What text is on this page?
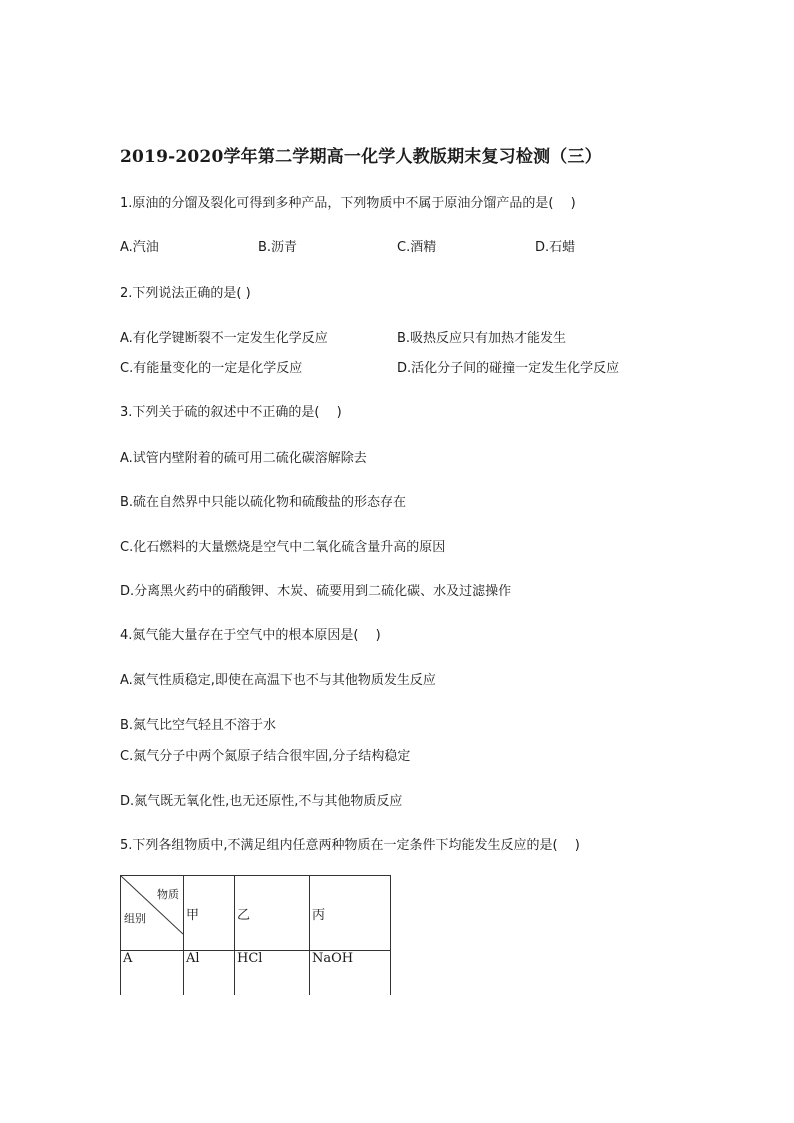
2019-2020学年第二学期高一化学人教版期末复习检测（三）
1.原油的分馏及裂化可得到多种产品，下列物质中不属于原油分馏产品的是(　 )
A.汽油	B.沥青	C.酒精	D.石蜡
2.下列说法正确的是( )
A.有化学键断裂不一定发生化学反应	B.吸热反应只有加热才能发生
C.有能量变化的一定是化学反应	D.活化分子间的碰撞一定发生化学反应
3.下列关于硫的叙述中不正确的是(　 )
A.试管内壁附着的硫可用二硫化碳溶解除去
B.硫在自然界中只能以硫化物和硫酸盐的形态存在
C.化石燃料的大量燃烧是空气中二氧化硫含量升高的原因
D.分离黑火药中的硝酸钾、木炭、硫要用到二硫化碳、水及过滤操作
4.氮气能大量存在于空气中的根本原因是(　 )
A.氮气性质稳定,即使在高温下也不与其他物质发生反应
B.氮气比空气轻且不溶于水
C.氮气分子中两个氮原子结合很牢固,分子结构稳定
D.氮气既无氧化性,也无还原性,不与其他物质反应
5.下列各组物质中,不满足组内任意两种物质在一定条件下均能发生反应的是(　 )
物质
组别	甲	乙	丙
A	Al	HCl	NaOH
